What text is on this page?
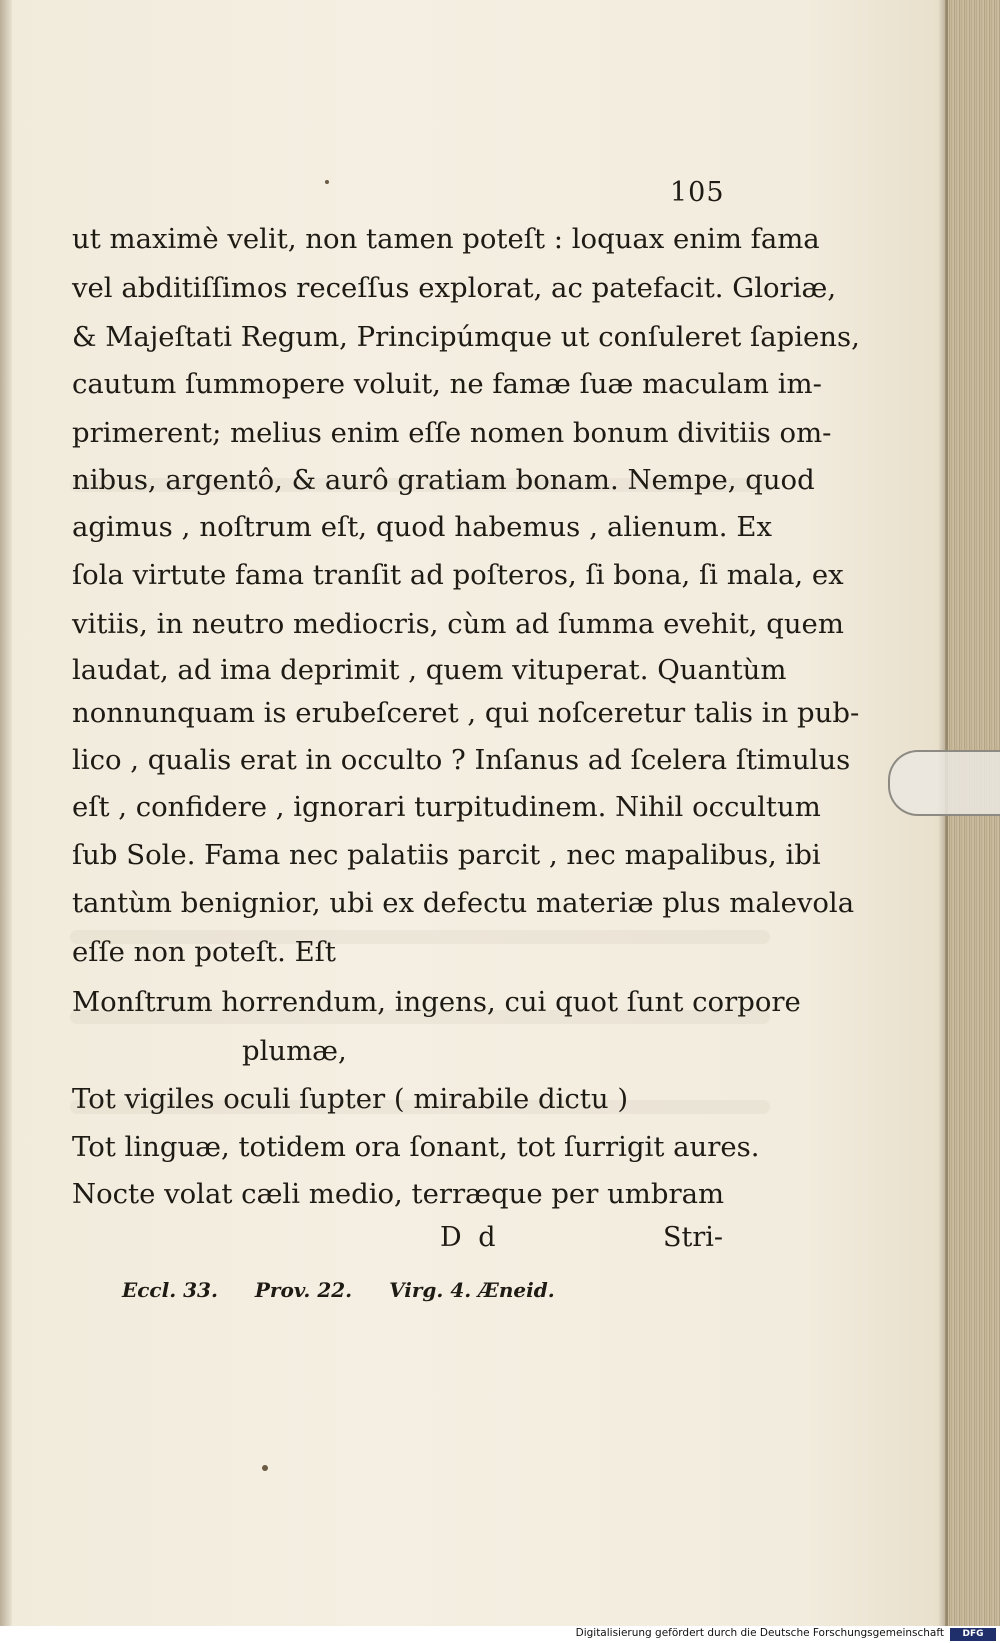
105
ut maximè velit, non tamen poteſt : loquax enim fama
vel abditiſſimos receſſus explorat, ac patefacit. Gloriæ,
& Majeſtati Regum, Principúmque ut conſuleret ſapiens,
cautum ſummopere voluit, ne famæ ſuæ maculam im-
primerent; melius enim eſſe nomen bonum divitiis om-
nibus, argentô, & aurô gratiam bonam. Nempe, quod
agimus , noſtrum eſt, quod habemus , alienum. Ex
ſola virtute fama tranſit ad poſteros, ſi bona, ſi mala, ex
vitiis, in neutro mediocris, cùm ad ſumma evehit, quem
laudat, ad ima deprimit , quem vituperat. Quantùm
nonnunquam is erubeſceret , qui noſceretur talis in pub-
lico , qualis erat in occulto ? Inſanus ad ſcelera ſtimulus
eſt , confidere , ignorari turpitudinem. Nihil occultum
ſub Sole. Fama nec palatiis parcit , nec mapalibus, ibi
tantùm benignior, ubi ex defectu materiæ plus malevola
eſſe non poteſt. Eſt
Monſtrum horrendum, ingens, cui quot ſunt corpore
plumæ,
Tot vigiles oculi ſupter ( mirabile dictu )
Tot linguæ, totidem ora ſonant, tot ſurrigit aures.
Nocte volat cæli medio, terræque per umbram
D d	Stri-
Eccl. 33. Prov. 22. Virg. 4. Æneid.
Digitalisierung gefördert durch die Deutsche Forschungsgemeinschaft	DFG
